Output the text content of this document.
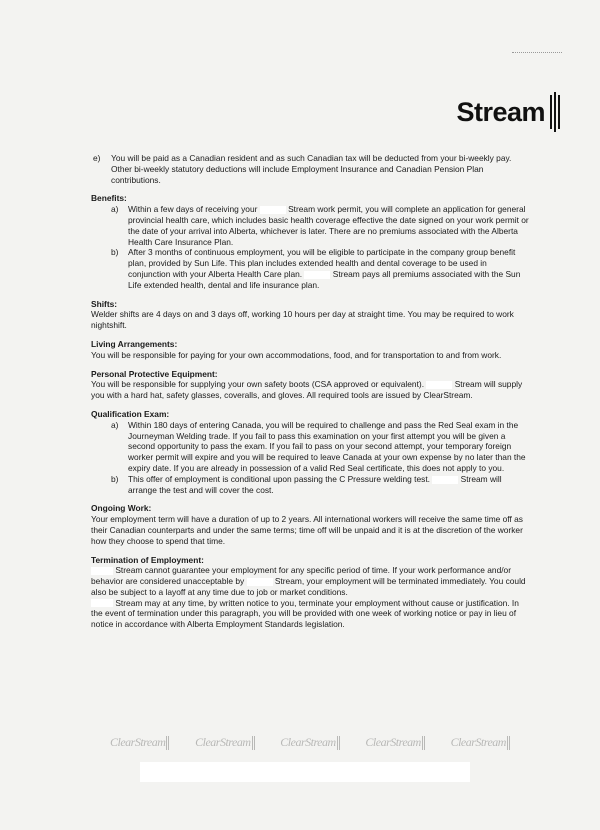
Stream
e)	You will be paid as a Canadian resident and as such Canadian tax will be deducted from your bi-weekly pay. Other bi-weekly statutory deductions will include Employment Insurance and Canadian Pension Plan contributions.

Benefits:

a)	Within a few days of receiving your	Stream work permit, you will complete an application for general provincial health care, which includes basic health coverage effective the date signed on your work permit or the date of your arrival into Alberta, whichever is later. There are no premiums associated with the Alberta Health Care Insurance Plan.
b)	After 3 months of continuous employment, you will be eligible to participate in the company group benefit plan, provided by Sun Life. This plan includes extended health and dental coverage to be used in conjunction with your Alberta Health Care plan.	Stream pays all premiums associated with the Sun Life extended health, dental and life insurance plan.

Shifts:

Welder shifts are 4 days on and 3 days off, working 10 hours per day at straight time. You may be required to work nightshift.

Living Arrangements:

You will be responsible for paying for your own accommodations, food, and for transportation to and from work.

Personal Protective Equipment:

You will be responsible for supplying your own safety boots (CSA approved or equivalent).	Stream will supply you with a hard hat, safety glasses, coveralls, and gloves. All required tools are issued by ClearStream.

Qualification Exam:

a)	Within 180 days of entering Canada, you will be required to challenge and pass the Red Seal exam in the Journeyman Welding trade. If you fail to pass this examination on your first attempt you will be given a second opportunity to pass the exam. If you fail to pass on your second attempt, your temporary foreign worker permit will expire and you will be required to leave Canada at your own expense by no later than the expiry date. If you are already in possession of a valid Red Seal certificate, this does not apply to you.
b)	This offer of employment is conditional upon passing the C Pressure welding test.	Stream will arrange the test and will cover the cost.

Ongoing Work:

Your employment term will have a duration of up to 2 years. All international workers will receive the same time off as their Canadian counterparts and under the same terms; time off will be unpaid and it is at the discretion of the worker how they choose to spend that time.

Termination of Employment:

Stream cannot guarantee your employment for any specific period of time. If your work performance and/or behavior are considered unacceptable by	Stream, your employment will be terminated immediately. You could also be subject to a layoff at any time due to job or market conditions.

Stream may at any time, by written notice to you, terminate your employment without cause or justification. In the event of termination under this paragraph, you will be provided with one week of working notice or pay in lieu of notice in accordance with Alberta Employment Standards legislation.

ClearStream ClearStream ClearStream ClearStream ClearStream
